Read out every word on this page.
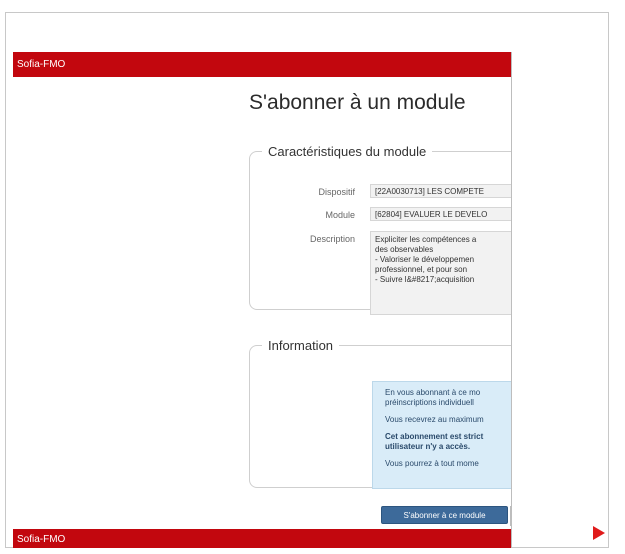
Sofia-FMO
S'abonner à un module
Caractéristiques du module
Dispositif	[22A0030713] LES COMPETE
Module	[62804] EVALUER LE DEVELO
Description	Expliciter les compétences a
des observables
- Valoriser le développemen
professionnel, et pour son
- Suivre l&#8217;acquisition
Information

En vous abonnant à ce mo
préinscriptions individuell

Vous recevrez au maximum

Cet abonnement est strict
utilisateur n'y a accès.

Vous pourrez à tout mome

S'abonner à ce module
Sofia-FMO
